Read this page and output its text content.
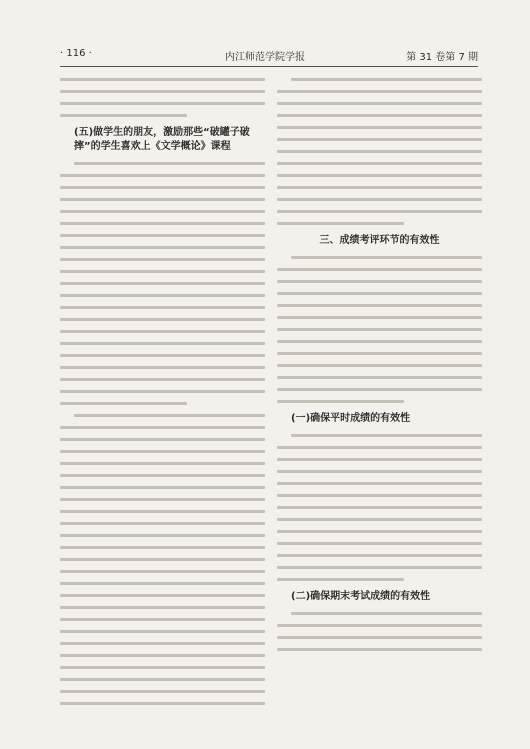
· 116 ·	内江师范学院学报	第 31 卷第 7 期
(五)做学生的朋友，激励那些“破罐子破摔”的学生喜欢上《文学概论》课程
三、成绩考评环节的有效性
(一)确保平时成绩的有效性
(二)确保期末考试成绩的有效性
